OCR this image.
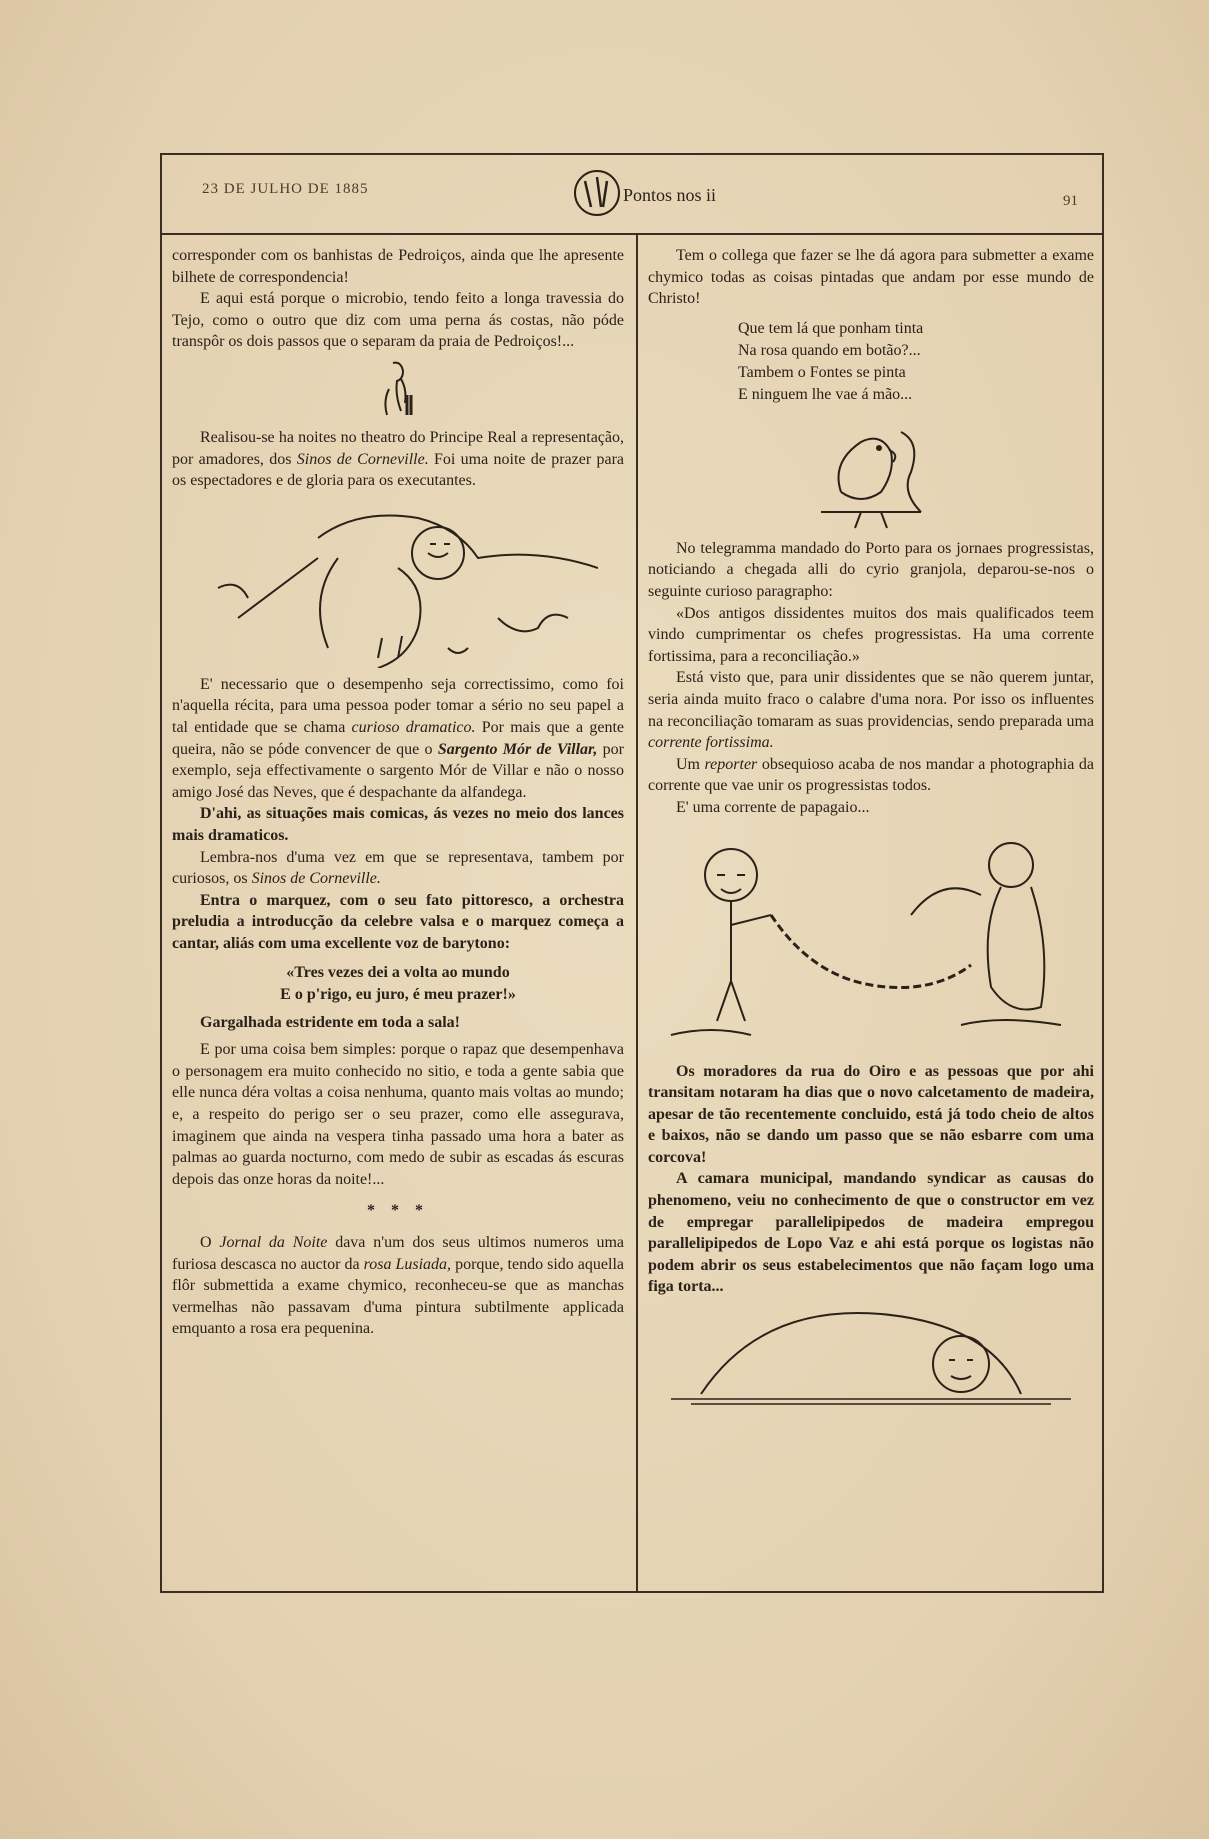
23 DE JULHO DE 1885	Pontos nos ii	91

corresponder com os banhistas de Pedroiços, ainda que lhe apresente bilhete de correspondencia!

E aqui está porque o microbio, tendo feito a longa travessia do Tejo, como o outro que diz com uma perna ás costas, não póde transpôr os dois passos que o separam da praia de Pedroiços!...

Realisou-se ha noites no theatro do Principe Real a representação, por amadores, dos Sinos de Corneville. Foi uma noite de prazer para os espectadores e de gloria para os executantes.

E' necessario que o desempenho seja correctissimo, como foi n'aquella récita, para uma pessoa poder tomar a sério no seu papel a tal entidade que se chama curioso dramatico. Por mais que a gente queira, não se póde convencer de que o Sargento Mór de Villar, por exemplo, seja effectivamente o sargento Mór de Villar e não o nosso amigo José das Neves, que é despachante da alfandega.

D'ahi, as situações mais comicas, ás vezes no meio dos lances mais dramaticos.

Lembra-nos d'uma vez em que se representava, tambem por curiosos, os Sinos de Corneville.

Entra o marquez, com o seu fato pittoresco, a orchestra preludia a introducção da celebre valsa e o marquez começa a cantar, aliás com uma excellente voz de barytono:

«Tres vezes dei a volta ao mundo

E o p'rigo, eu juro, é meu prazer!»

Gargalhada estridente em toda a sala!

E por uma coisa bem simples: porque o rapaz que desempenhava o personagem era muito conhecido no sitio, e toda a gente sabia que elle nunca déra voltas a coisa nenhuma, quanto mais voltas ao mundo; e, a respeito do perigo ser o seu prazer, como elle assegurava, imaginem que ainda na vespera tinha passado uma hora a bater as palmas ao guarda nocturno, com medo de subir as escadas ás escuras depois das onze horas da noite!...

* * *

O Jornal da Noite dava n'um dos seus ultimos numeros uma furiosa descasca no auctor da rosa Lusiada, porque, tendo sido aquella flôr submettida a exame chymico, reconheceu-se que as manchas vermelhas não passavam d'uma pintura subtilmente applicada emquanto a rosa era pequenina.

Tem o collega que fazer se lhe dá agora para submetter a exame chymico todas as coisas pintadas que andam por esse mundo de Christo!

Que tem lá que ponham tinta

Na rosa quando em botão?...

Tambem o Fontes se pinta

E ninguem lhe vae á mão...

No telegramma mandado do Porto para os jornaes progressistas, noticiando a chegada alli do cyrio granjola, deparou-se-nos o seguinte curioso paragrapho:

«Dos antigos dissidentes muitos dos mais qualificados teem vindo cumprimentar os chefes progressistas. Ha uma corrente fortissima, para a reconciliação.»

Está visto que, para unir dissidentes que se não querem juntar, seria ainda muito fraco o calabre d'uma nora. Por isso os influentes na reconciliação tomaram as suas providencias, sendo preparada uma corrente fortissima.

Um reporter obsequioso acaba de nos mandar a photographia da corrente que vae unir os progressistas todos.

E' uma corrente de papagaio...

Os moradores da rua do Oiro e as pessoas que por ahi transitam notaram ha dias que o novo calcetamento de madeira, apesar de tão recentemente concluido, está já todo cheio de altos e baixos, não se dando um passo que se não esbarre com uma corcova!

A camara municipal, mandando syndicar as causas do phenomeno, veiu no conhecimento de que o constructor em vez de empregar parallelipipedos de madeira empregou parallelipipedos de Lopo Vaz e ahi está porque os logistas não podem abrir os seus estabelecimentos que não façam logo uma figa torta...
